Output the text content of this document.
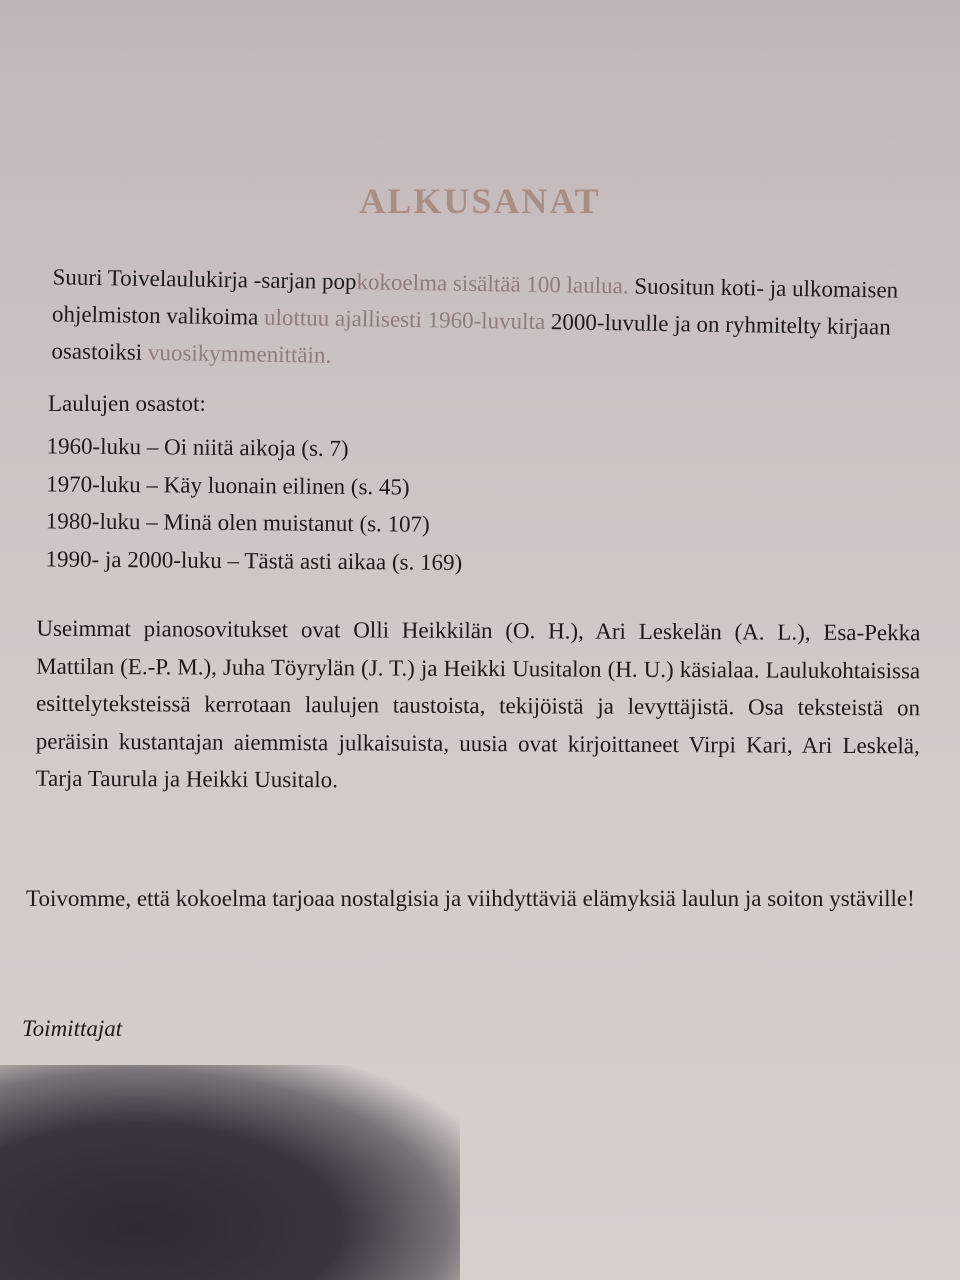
ALKUSANAT
Suuri Toivelaulukirja -sarjan popkokoelma sisältää 100 laulua. Suositun koti- ja ulkomaisen ohjelmiston valikoima ulottuu ajallisesti 1960-luvulta 2000-luvulle ja on ryhmitelty kirjaan osastoiksi vuosikymmenittäin.
Laulujen osastot:
1960-luku – Oi niitä aikoja (s. 7)
1970-luku – Käy luonain eilinen (s. 45)
1980-luku – Minä olen muistanut (s. 107)
1990- ja 2000-luku – Tästä asti aikaa (s. 169)
Useimmat pianosovitukset ovat Olli Heikkilän (O. H.), Ari Leskelän (A. L.), Esa-Pekka Mattilan (E.-P. M.), Juha Töyrylän (J. T.) ja Heikki Uusitalon (H. U.) käsialaa. Laulukohtaisissa esittelyteksteissä kerrotaan laulujen taustoista, tekijöistä ja levyttäjistä. Osa teksteistä on peräisin kustantajan aiemmista julkaisuista, uusia ovat kirjoittaneet Virpi Kari, Ari Leskelä, Tarja Taurula ja Heikki Uusitalo.
Toivomme, että kokoelma tarjoaa nostalgisia ja viihdyttäviä elämyksiä laulun ja soiton ystäville!
Toimittajat
